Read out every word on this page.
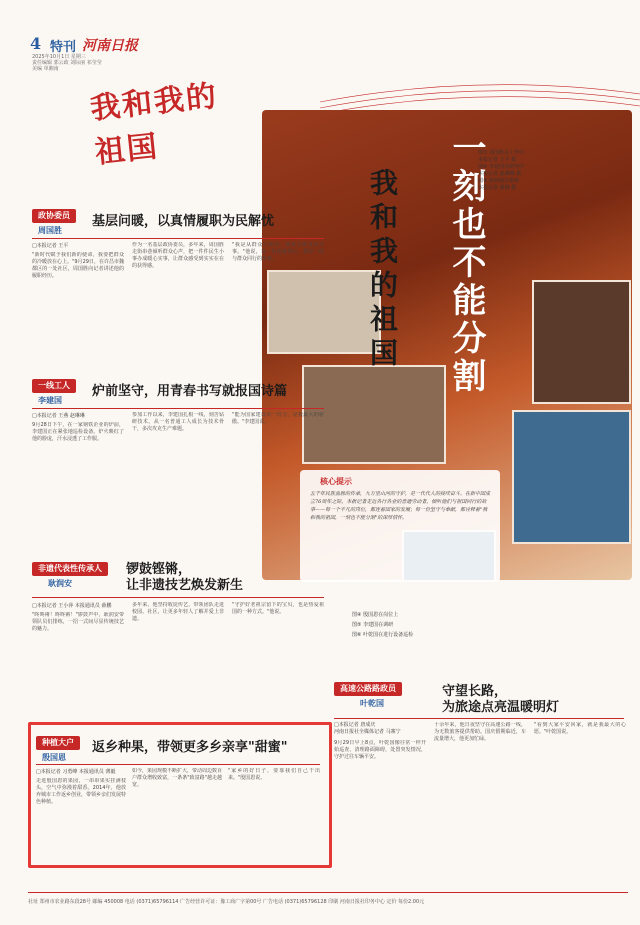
4 特刊 河南日报
2025年10月1日 星期三
责任编辑 郭云政 刘际丽 祁莹莹
美编 单湘南
我和我的祖国
我和我的祖国 一刻也不能分割
图① 周国胜在工作中
本报记者 王平 摄
图② 李建国在研究中
本报记者 赵琳琳 摄
图③ 耿润强在排练
本报记者 翟畅 摄
核心提示
五千年民族血脉的传承，九万里山河的守护，是一代代人的接续奋斗。在新中国成立76周年之际，本报记者走近各行各业的普通劳动者，倾听他们与祖国同行的故事——每一个平凡的岗位，都连着国家的发展；每一份坚守与奉献，都诠释着"我和我的祖国，一刻也不能分割"的深厚情怀。
图④ 殷国恩在岗位上
图⑤ 李建国在调研
图⑥ 叶乾国在进行设备巡检
政协委员
周国胜
基层问暖，以真情履职为民解忧
□本报记者 王平

"新时代赋予我们新的使命，我要把群众的冷暖放在心上。"9月29日，在许昌市魏都区的一处社区，周国胜向记者讲述他的履职经历。

作为一名基层政协委员，多年来，周国胜走街串巷倾听群众心声，把一件件民生小事办成暖心实事，让群众感受到实实在在的获得感。

"我是从群众中来的，就要为群众多办事。"他说，每一份提案背后，都是一段与群众同行的故事。

一线工人
李建国
炉前坚守，用青春书写就报国诗篇
□本报记者 王燕 赵琳琳

9月28日下午，在一家钢铁企业的炉前，李建国正在紧张地巡检设备。炉火映红了他的脸庞，汗水浸透了工作服。

参加工作以来，李建国扎根一线，刻苦钻研技术，从一名普通工人成长为技术骨干，多次攻克生产难题。

"能为国家建设出一份力，是我最大的骄傲。"李建国说。

非遗代表性传承人
耿润安
锣鼓铿锵，
让非遗技艺焕发新生
□本报记者 王小萍 本报通讯员 薛鹏

"咚咚锵！咚咚锵！"锣鼓声中，耿润安带领队员们排练，一招一式间尽显传统技艺的魅力。

多年来，他坚持收徒传艺，带领团队走进校园、社区，让更多年轻人了解并爱上非遗。

"守护好老祖宗留下的宝贝，也是热爱祖国的一种方式。"他说。

高速公路路政员
叶乾国
守望长路，
为旅途点亮温暖明灯
□本报记者 唐成庆
河南日报社全媒体记者 马寨宁

9月29日早上8点，叶乾国像往常一样开始巡查，清理路面障碍，处置突发情况，守护过往车辆平安。

十余年来，他日夜坚守在高速公路一线，为无数旅客提供帮助。国庆假期临近，车流量增大，他更加忙碌。

"看到大家平安回家，就是我最大的心愿。"叶乾国说。

种植大户
殷国恩
返乡种果，带领更多乡亲享"甜蜜"
□本报记者 习勇峰 本报通讯员 薄毅

走进殷国恩的果园，一串串果实挂满枝头，空气中弥漫着甜香。2014年，他放弃城市工作返乡创业，带领乡亲们发展特色种植。

如今，果园规模不断扩大，带动周边数百户群众增收致富，一条条"致富路"越走越宽。

"家乡的好日子，要靠我们自己干出来。"殷国恩说。

社址 郑州市农业路东段28号 邮编 450008 电话 (0371)65796114 广告经营许可证：豫工商广字第00号 广告电话 (0371)65796128 印刷 河南日报社印务中心 定价 每份2.00元
